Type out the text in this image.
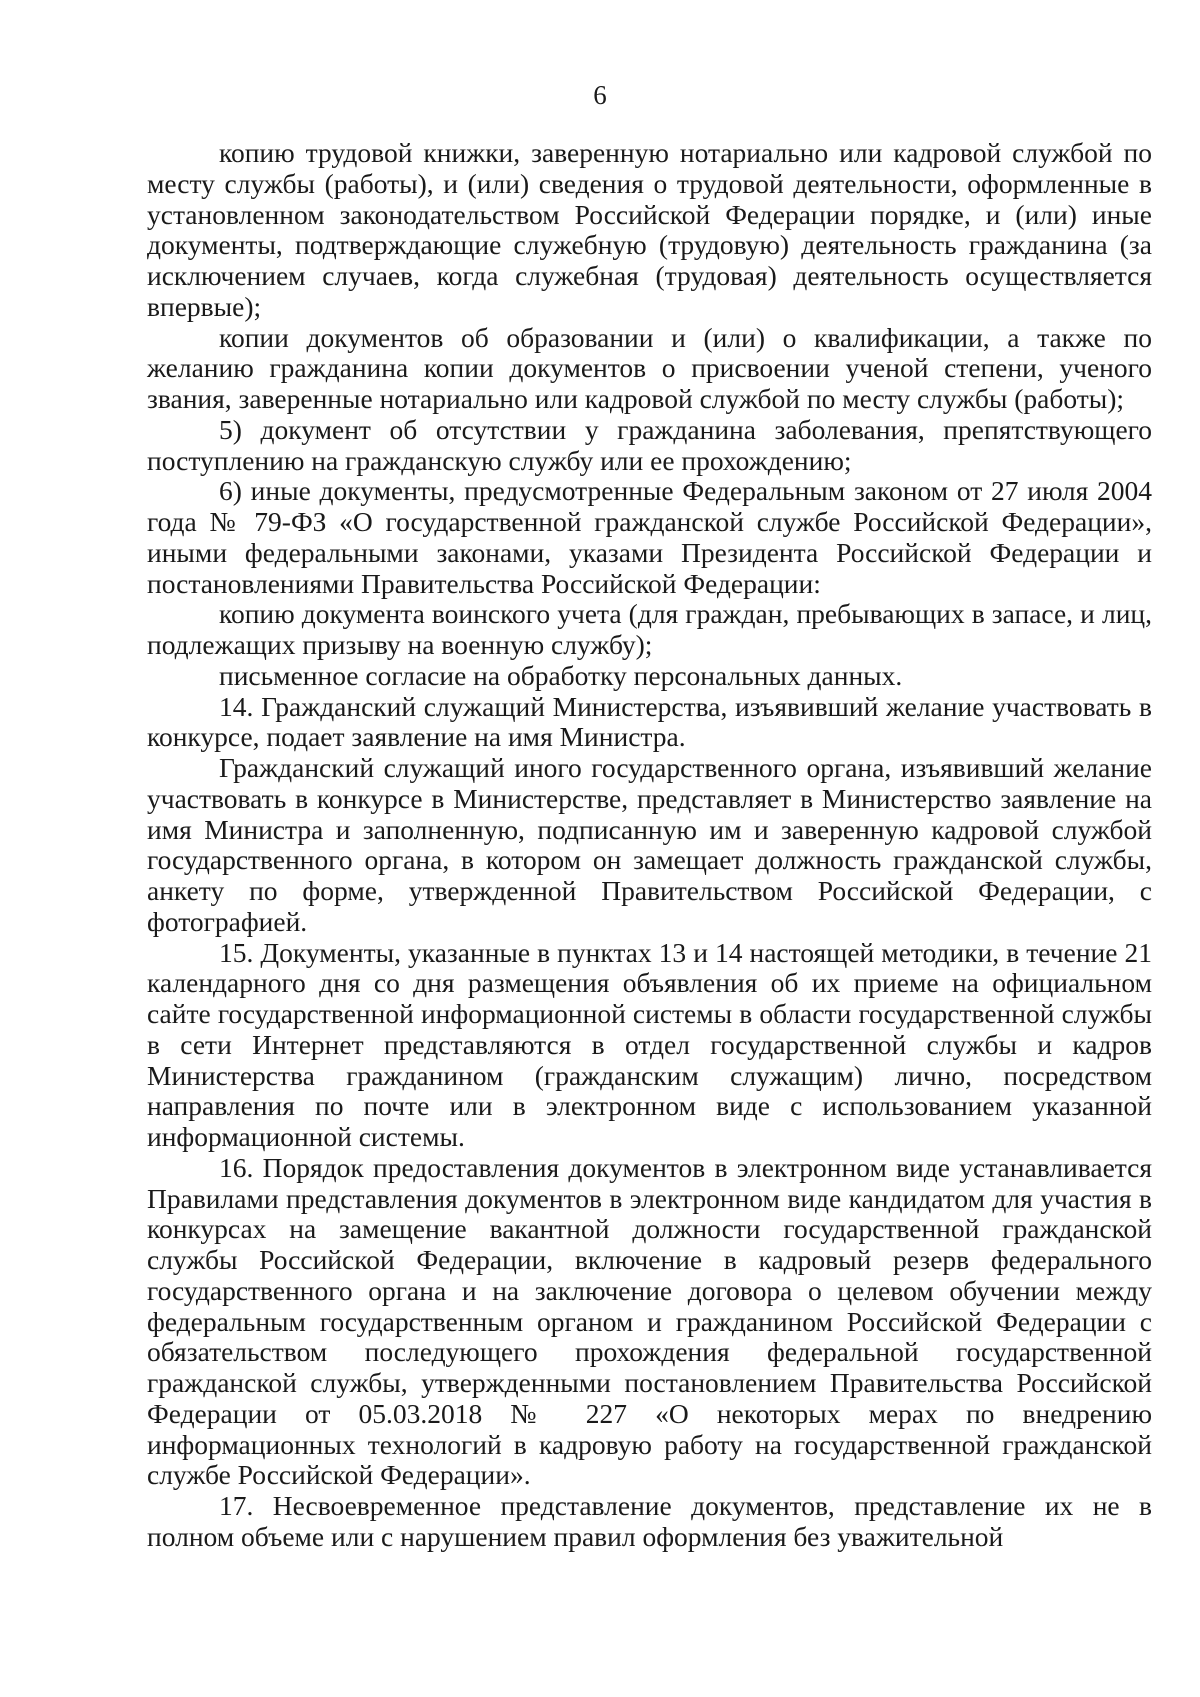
6

копию трудовой книжки, заверенную нотариально или кадровой службой по месту службы (работы), и (или) сведения о трудовой деятельности, оформленные в установленном законодательством Российской Федерации порядке, и (или) иные документы, подтверждающие служебную (трудовую) деятельность гражданина (за исключением случаев, когда служебная (трудовая) деятельность осуществляется впервые);

копии документов об образовании и (или) о квалификации, а также по желанию гражданина копии документов о присвоении ученой степени, ученого звания, заверенные нотариально или кадровой службой по месту службы (работы);

5) документ об отсутствии у гражданина заболевания, препятствующего поступлению на гражданскую службу или ее прохождению;

6) иные документы, предусмотренные Федеральным законом от 27 июля 2004 года № 79-ФЗ «О государственной гражданской службе Российской Федерации», иными федеральными законами, указами Президента Российской Федерации и постановлениями Правительства Российской Федерации:

копию документа воинского учета (для граждан, пребывающих в запасе, и лиц, подлежащих призыву на военную службу);

письменное согласие на обработку персональных данных.

14. Гражданский служащий Министерства, изъявивший желание участвовать в конкурсе, подает заявление на имя Министра.

Гражданский служащий иного государственного органа, изъявивший желание участвовать в конкурсе в Министерстве, представляет в Министерство заявление на имя Министра и заполненную, подписанную им и заверенную кадровой службой государственного органа, в котором он замещает должность гражданской службы, анкету по форме, утвержденной Правительством Российской Федерации, с фотографией.

15. Документы, указанные в пунктах 13 и 14 настоящей методики, в течение 21 календарного дня со дня размещения объявления об их приеме на официальном сайте государственной информационной системы в области государственной службы в сети Интернет представляются в отдел государственной службы и кадров Министерства гражданином (гражданским служащим) лично, посредством направления по почте или в электронном виде с использованием указанной информационной системы.

16. Порядок предоставления документов в электронном виде устанавливается Правилами представления документов в электронном виде кандидатом для участия в конкурсах на замещение вакантной должности государственной гражданской службы Российской Федерации, включение в кадровый резерв федерального государственного органа и на заключение договора о целевом обучении между федеральным государственным органом и гражданином Российской Федерации с обязательством последующего прохождения федеральной государственной гражданской службы, утвержденными постановлением Правительства Российской Федерации от 05.03.2018 № 227 «О некоторых мерах по внедрению информационных технологий в кадровую работу на государственной гражданской службе Российской Федерации».

17. Несвоевременное представление документов, представление их не в полном объеме или с нарушением правил оформления без уважительной
